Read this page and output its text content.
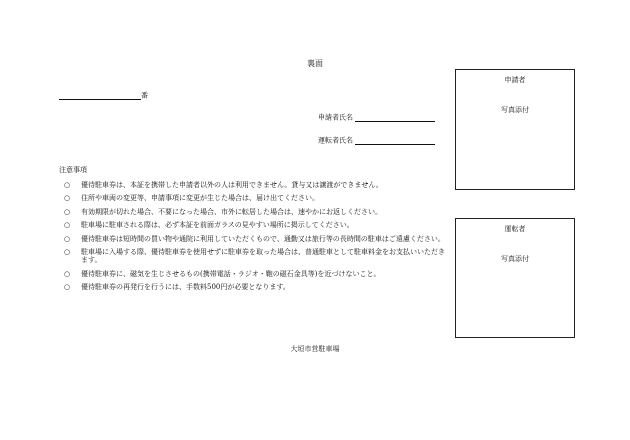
裏面
番
申請者氏名
運転者氏名
注意事項
○	優待駐車券は、本証を携帯した申請者以外の人は利用できません。貸与又は譲渡ができません。
○	住所や車両の変更等、申請事項に変更が生じた場合は、届け出てください。
○	有効期限が切れた場合、不要になった場合、市外に転居した場合は、速やかにお返しください。
○	駐車場に駐車される際は、必ず本証を前面ガラスの見やすい場所に掲示してください。
○	優待駐車券は短時間の買い物や通院に利用していただくもので、通勤又は旅行等の長時間の駐車はご遠慮ください。
○	駐車場に入場する際、優待駐車券を使用せずに駐車券を取った場合は、普通駐車として駐車料金をお支払いいただきます。
○	優待駐車券に、磁気を生じさせるもの(携帯電話・ラジオ・鞄の磁石金具等)を近づけないこと。
○	優待駐車券の再発行を行うには、手数料500円が必要となります。
申請者
写真添付
運転者
写真添付
大垣市営駐車場
